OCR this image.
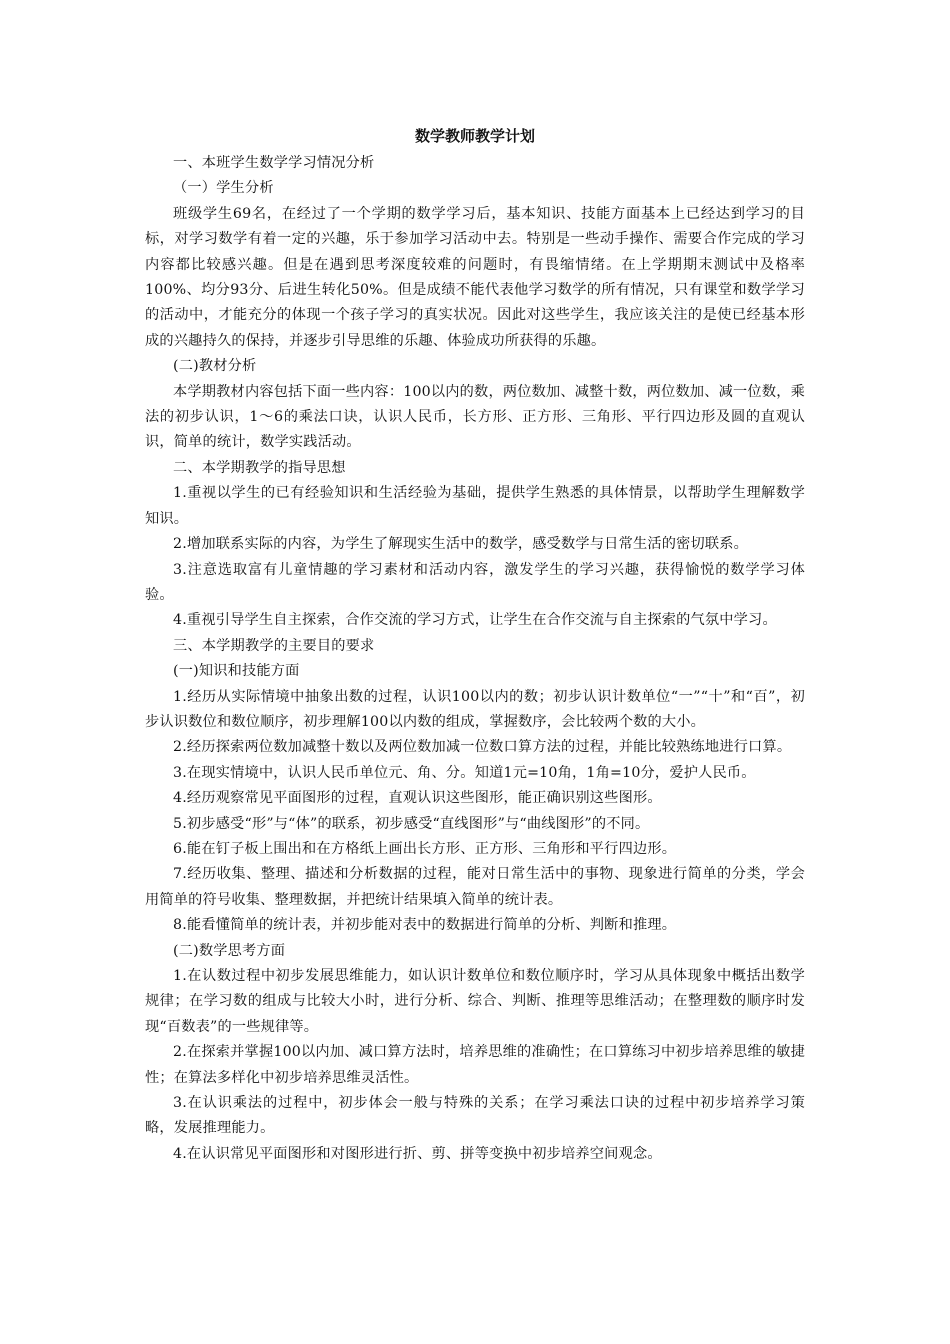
数学教师教学计划

一、本班学生数学学习情况分析

（一）学生分析

班级学生69名，在经过了一个学期的数学学习后，基本知识、技能方面基本上已经达到学习的目标，对学习数学有着一定的兴趣，乐于参加学习活动中去。特别是一些动手操作、需要合作完成的学习内容都比较感兴趣。但是在遇到思考深度较难的问题时，有畏缩情绪。在上学期期末测试中及格率100%、均分93分、后进生转化50%。但是成绩不能代表他学习数学的所有情况，只有课堂和数学学习的活动中，才能充分的体现一个孩子学习的真实状况。因此对这些学生，我应该关注的是使已经基本形成的兴趣持久的保持，并逐步引导思维的乐趣、体验成功所获得的乐趣。

(二)教材分析

本学期教材内容包括下面一些内容：100以内的数，两位数加、减整十数，两位数加、减一位数，乘法的初步认识，1～6的乘法口诀，认识人民币，长方形、正方形、三角形、平行四边形及圆的直观认识，简单的统计，数学实践活动。

二、本学期教学的指导思想

1.重视以学生的已有经验知识和生活经验为基础，提供学生熟悉的具体情景，以帮助学生理解数学知识。

2.增加联系实际的内容，为学生了解现实生活中的数学，感受数学与日常生活的密切联系。

3.注意选取富有儿童情趣的学习素材和活动内容，激发学生的学习兴趣，获得愉悦的数学学习体验。

4.重视引导学生自主探索，合作交流的学习方式，让学生在合作交流与自主探索的气氛中学习。

三、本学期教学的主要目的要求

(一)知识和技能方面

1.经历从实际情境中抽象出数的过程，认识100以内的数；初步认识计数单位“一”“十”和“百”，初步认识数位和数位顺序，初步理解100以内数的组成，掌握数序，会比较两个数的大小。

2.经历探索两位数加减整十数以及两位数加减一位数口算方法的过程，并能比较熟练地进行口算。

3.在现实情境中，认识人民币单位元、角、分。知道1元=10角，1角=10分，爱护人民币。

4.经历观察常见平面图形的过程，直观认识这些图形，能正确识别这些图形。

5.初步感受“形”与“体”的联系，初步感受“直线图形”与“曲线图形”的不同。

6.能在钉子板上围出和在方格纸上画出长方形、正方形、三角形和平行四边形。

7.经历收集、整理、描述和分析数据的过程，能对日常生活中的事物、现象进行简单的分类，学会用简单的符号收集、整理数据，并把统计结果填入简单的统计表。

8.能看懂简单的统计表，并初步能对表中的数据进行简单的分析、判断和推理。

(二)数学思考方面

1.在认数过程中初步发展思维能力，如认识计数单位和数位顺序时，学习从具体现象中概括出数学规律；在学习数的组成与比较大小时，进行分析、综合、判断、推理等思维活动；在整理数的顺序时发现“百数表”的一些规律等。

2.在探索并掌握100以内加、减口算方法时，培养思维的准确性；在口算练习中初步培养思维的敏捷性；在算法多样化中初步培养思维灵活性。

3.在认识乘法的过程中，初步体会一般与特殊的关系；在学习乘法口诀的过程中初步培养学习策略，发展推理能力。

4.在认识常见平面图形和对图形进行折、剪、拼等变换中初步培养空间观念。
